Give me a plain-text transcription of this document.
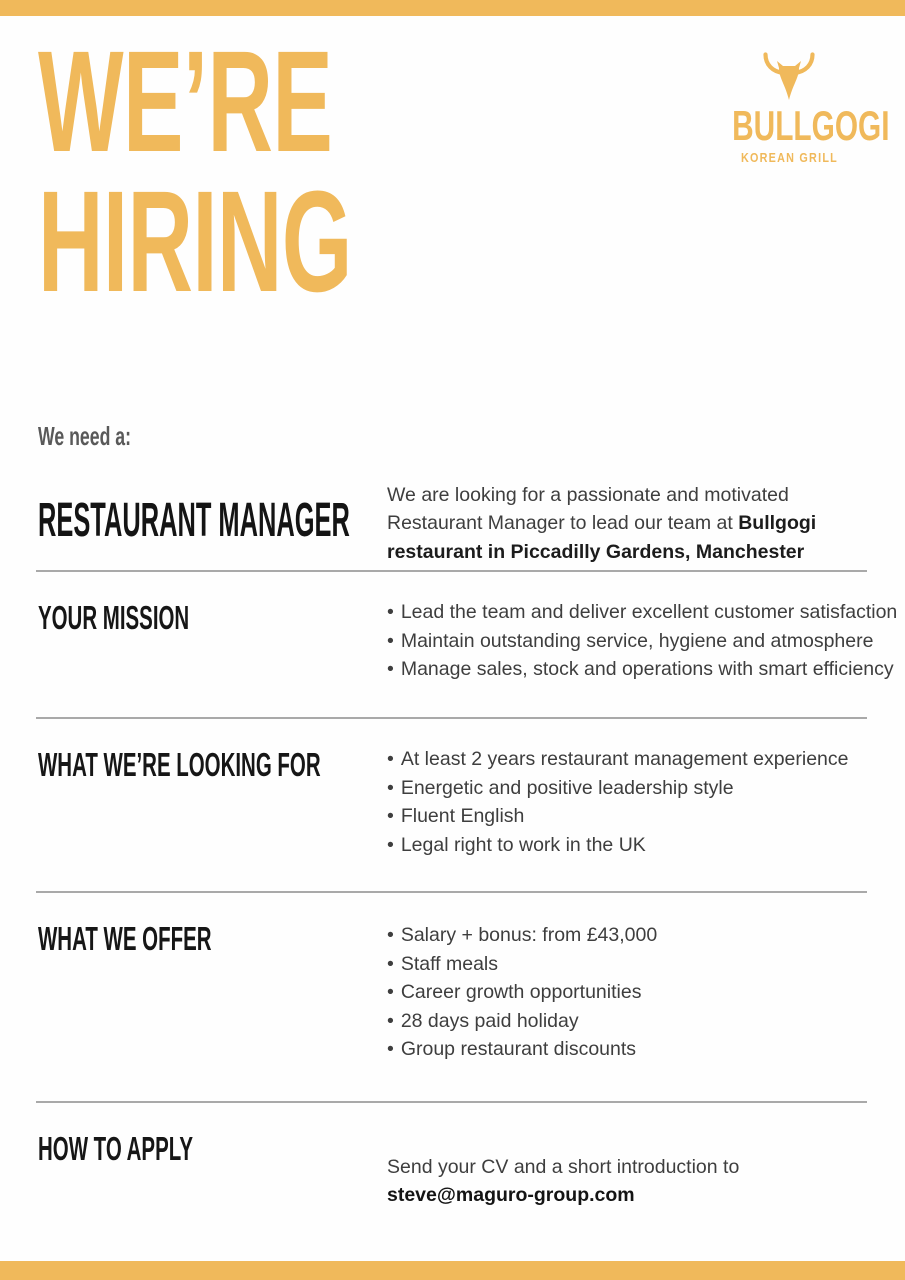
WE’RE
HIRING
BULLGOGI
KOREAN GRILL
We need a:
RESTAURANT MANAGER	We are looking for a passionate and motivated Restaurant Manager to lead our team at Bullgogi restaurant in Piccadilly Gardens, Manchester

YOUR MISSION	• Lead the team and deliver excellent customer satisfaction
• Maintain outstanding service, hygiene and atmosphere
• Manage sales, stock and operations with smart efficiency
WHAT WE’RE LOOKING FOR	• At least 2 years restaurant management experience
• Energetic and positive leadership style
• Fluent English
• Legal right to work in the UK
WHAT WE OFFER	• Salary + bonus: from £43,000
• Staff meals
• Career growth opportunities
• 28 days paid holiday
• Group restaurant discounts
HOW TO APPLY	Send your CV and a short introduction to
steve@maguro-group.com
